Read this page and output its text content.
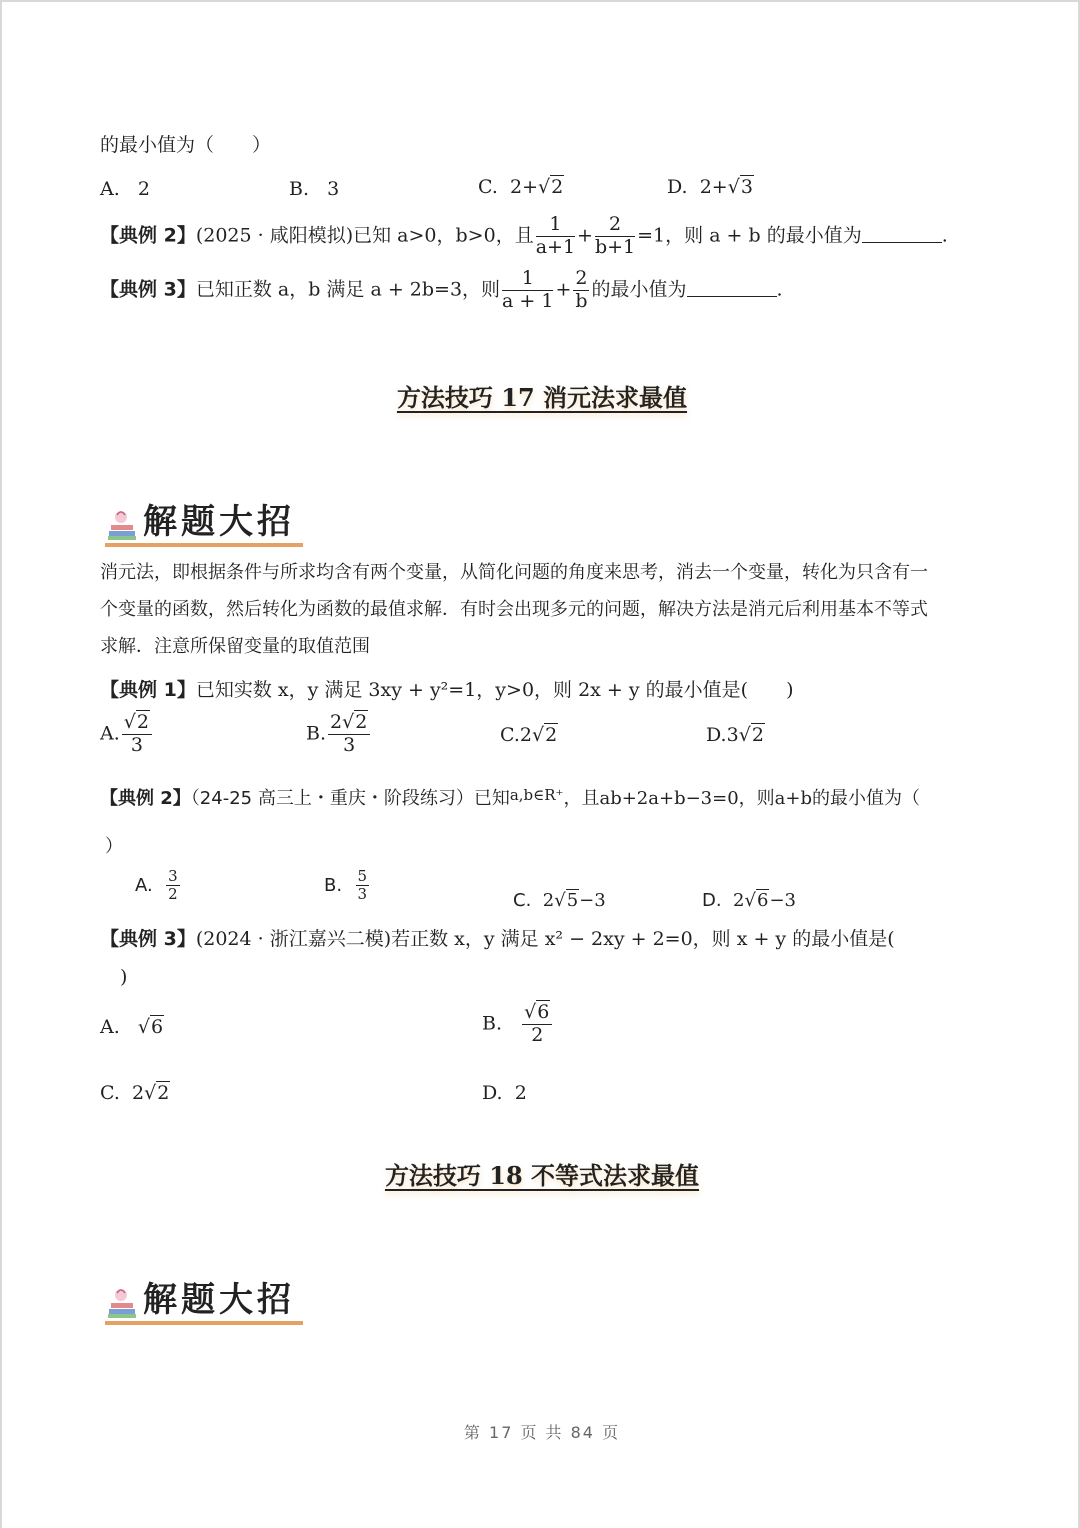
的最小值为（　　）
A. 2	B. 3	C. 2+√2	D. 2+√3
【典例 2】(2025 · 咸阳模拟)已知 a>0，b>0，且 $\frac{1}{a+1} + \frac{2}{b+1} =1$，则 a + b 的最小值为	.
【典例 3】已知正数 a，b 满足 a + 2b=3，则 $\frac{1}{a + 1} + \frac{2}{b}$ 的最小值为	.
方法技巧 17 消元法求最值
解题大招
消元法，即根据条件与所求均含有两个变量，从简化问题的角度来思考，消去一个变量，转化为只含有一
个变量的函数，然后转化为函数的最值求解．有时会出现多元的问题，解决方法是消元后利用基本不等式
求解．注意所保留变量的取值范围
【典例 1】已知实数 x，y 满足 3xy + y²=1，y>0，则 2x + y 的最小值是(　　)
A. $\frac{√2}{3}$	B. $\frac{2√2}{3}$	C.2√2	D.3√2
【典例 2】（24-25 高三上・重庆・阶段练习）已知$^{a,b\in R^+}$，且ab+2a+b−3=0，则a+b的最小值为（
）
A. $\frac{3}{2}$	B. $\frac{5}{3}$	C. 2√5−3	D. 2√6−3
【典例 3】(2024 · 浙江嘉兴二模)若正数 x，y 满足 x² − 2xy + 2=0，则 x + y 的最小值是(
)
A. √6	B. $\frac{√6}{2}$
C. 2√2	D. 2
方法技巧 18 不等式法求最值
解题大招
第 17 页 共 84 页
